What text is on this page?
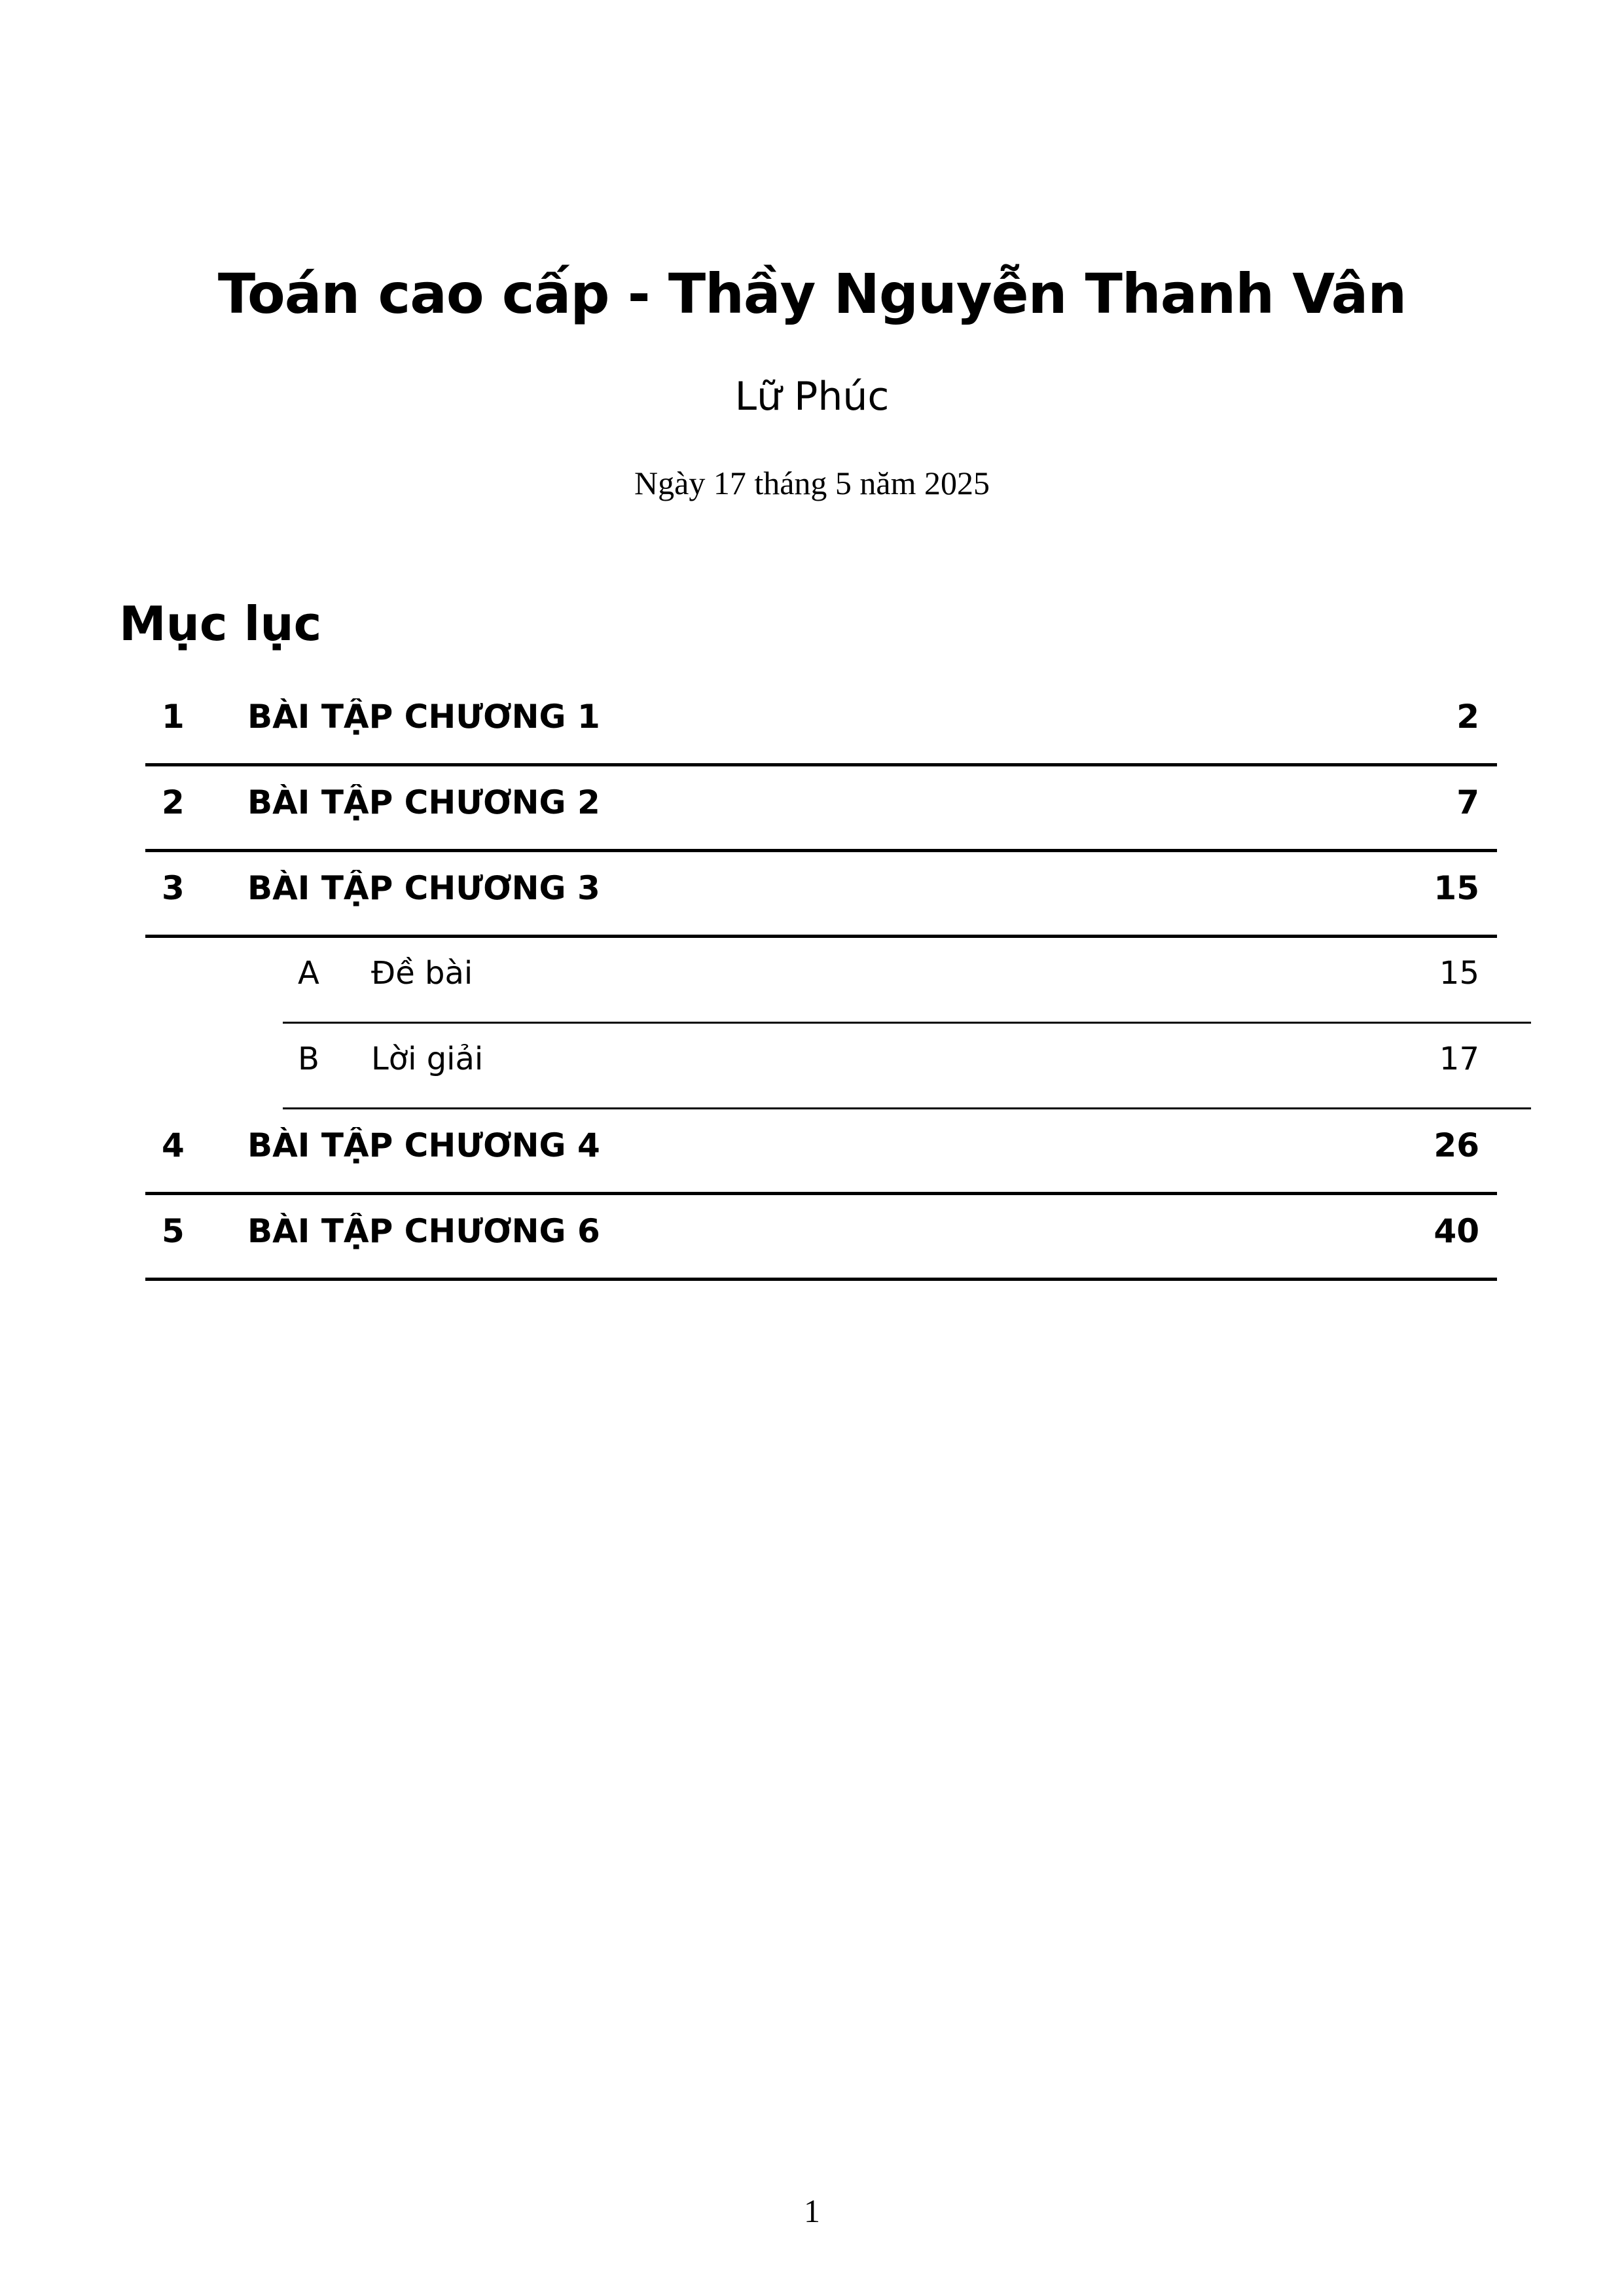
Toán cao cấp - Thầy Nguyễn Thanh Vân
Lữ Phúc
Ngày 17 tháng 5 năm 2025
Mục lục
1	BÀI TẬP CHƯƠNG 1	2
2	BÀI TẬP CHƯƠNG 2	7
3	BÀI TẬP CHƯƠNG 3	15
A	Đề bài	15
B	Lời giải	17
4	BÀI TẬP CHƯƠNG 4	26
5	BÀI TẬP CHƯƠNG 6	40
1
